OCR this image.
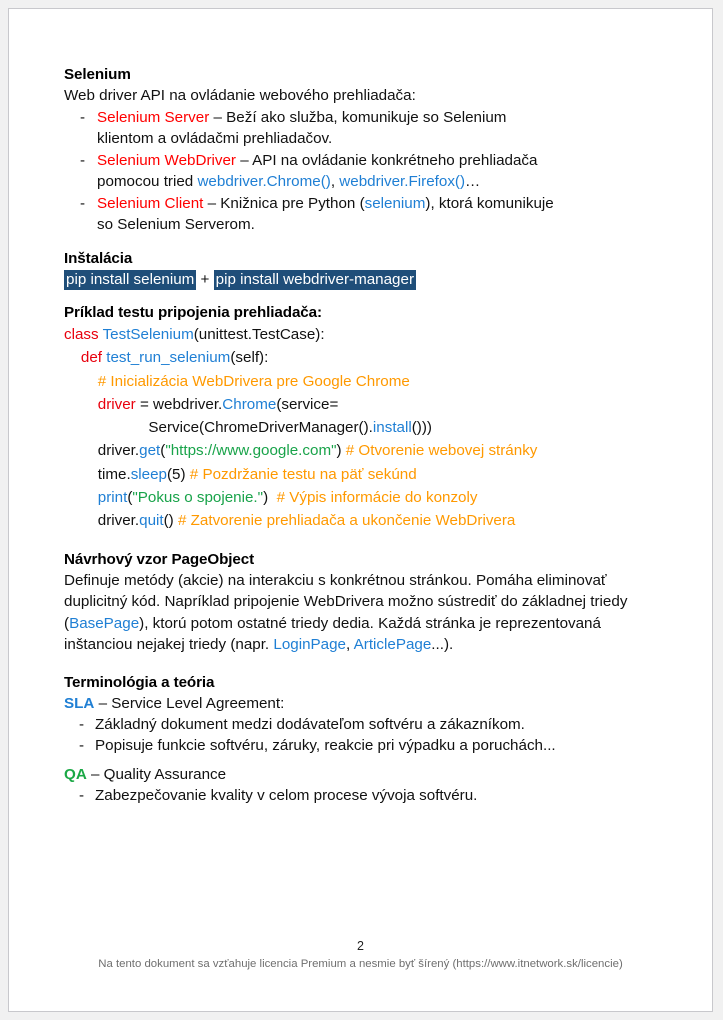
Selenium
Web driver API na ovládanie webového prehliadača:
- Selenium Server – Beží ako služba, komunikuje so Selenium
klientom a ovládačmi prehliadačov.
- Selenium WebDriver – API na ovládanie konkrétneho prehliadača
pomocou tried webdriver.Chrome(), webdriver.Firefox()…
- Selenium Client – Knižnica pre Python (selenium), ktorá komunikuje
so Selenium Serverom.
Inštalácia
pip install selenium + pip install webdriver-manager
Príklad testu pripojenia prehliadača:
class TestSelenium(unittest.TestCase):
def test_run_selenium(self):
# Inicializácia WebDrivera pre Google Chrome
driver = webdriver.Chrome(service=
Service(ChromeDriverManager().install()))
driver.get("https://www.google.com") # Otvorenie webovej stránky
time.sleep(5) # Pozdržanie testu na päť sekúnd
print("Pokus o spojenie.")  # Výpis informácie do konzoly
driver.quit() # Zatvorenie prehliadača a ukončenie WebDrivera
Návrhový vzor PageObject
Definuje metódy (akcie) na interakciu s konkrétnou stránkou. Pomáha eliminovať duplicitný kód. Napríklad pripojenie WebDrivera možno sústrediť do základnej triedy (BasePage), ktorú potom ostatné triedy dedia. Každá stránka je reprezentovaná inštanciou nejakej triedy (napr. LoginPage, ArticlePage...).
Terminológia a teória
SLA – Service Level Agreement:
- Základný dokument medzi dodávateľom softvéru a zákazníkom.
- Popisuje funkcie softvéru, záruky, reakcie pri výpadku a poruchách...
QA – Quality Assurance
- Zabezpečovanie kvality v celom procese vývoja softvéru.
2
Na tento dokument sa vzťahuje licencia Premium a nesmie byť šírený (https://www.itnetwork.sk/licencie)
